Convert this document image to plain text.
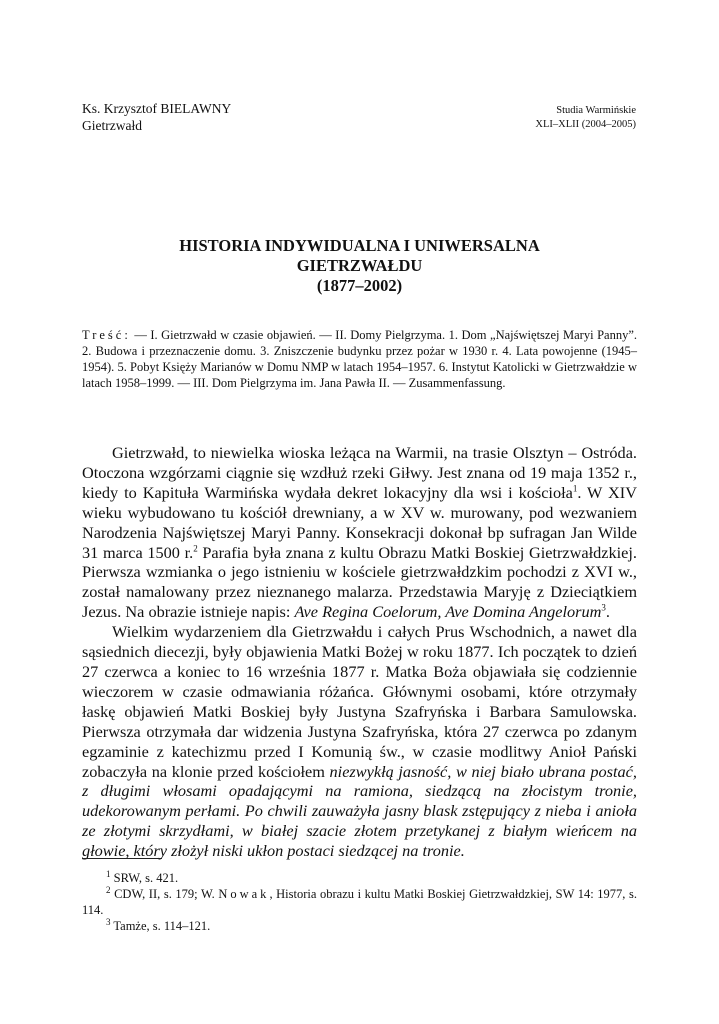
Ks. Krzysztof BIELAWNY
Gietrzwałd
Studia Warmińskie
XLI–XLII (2004–2005)
HISTORIA INDYWIDUALNA I UNIWERSALNA
GIETRZWAŁDU
(1877–2002)
Treść: — I. Gietrzwałd w czasie objawień. — II. Domy Pielgrzyma. 1. Dom „Najświętszej Maryi Panny”. 2. Budowa i przeznaczenie domu. 3. Zniszczenie budynku przez pożar w 1930 r. 4. Lata powojenne (1945–1954). 5. Pobyt Księży Marianów w Domu NMP w latach 1954–1957. 6. Instytut Katolicki w Gietrzwałdzie w latach 1958–1999. — III. Dom Pielgrzyma im. Jana Pawła II. — Zusammenfassung.

Gietrzwałd, to niewielka wioska leżąca na Warmii, na trasie Olsztyn – Ostróda. Otoczona wzgórzami ciągnie się wzdłuż rzeki Giłwy. Jest znana od 19 maja 1352 r., kiedy to Kapituła Warmińska wydała dekret lokacyjny dla wsi i kościoła$^1$. W XIV wieku wybudowano tu kościół drewniany, a w XV w. murowany, pod wezwaniem Narodzenia Najświętszej Maryi Panny. Konsekracji dokonał bp sufragan Jan Wilde 31 marca 1500 r.$^2$ Parafia była znana z kultu Obrazu Matki Boskiej Gietrzwałdzkiej. Pierwsza wzmianka o jego istnieniu w kościele gietrzwałdzkim pochodzi z XVI w., został namalowany przez nieznanego malarza. Przedstawia Maryję z Dzieciątkiem Jezus. Na obrazie istnieje napis: Ave Regina Coelorum, Ave Domina Angelorum$^3$.

Wielkim wydarzeniem dla Gietrzwałdu i całych Prus Wschodnich, a nawet dla sąsiednich diecezji, były objawienia Matki Bożej w roku 1877. Ich początek to dzień 27 czerwca a koniec to 16 września 1877 r. Matka Boża objawiała się codziennie wieczorem w czasie odmawiania różańca. Głównymi osobami, które otrzymały łaskę objawień Matki Boskiej były Justyna Szafryńska i Barbara Samulowska. Pierwsza otrzymała dar widzenia Justyna Szafryńska, która 27 czerwca po zdanym egzaminie z katechizmu przed I Komunią św., w czasie modlitwy Anioł Pański zobaczyła na klonie przed kościołem niezwykłą jasność, w niej biało ubrana postać, z długimi włosami opadającymi na ramiona, siedzącą na złocistym tronie, udekorowanym perłami. Po chwili zauważyła jasny blask zstępujący z nieba i anioła ze złotymi skrzydłami, w białej szacie złotem przetykanej z białym wieńcem na głowie, który złożył niski ukłon postaci siedzącej na tronie.

$^1$ SRW, s. 421.
$^2$ CDW, II, s. 179; W. Nowak, Historia obrazu i kultu Matki Boskiej Gietrzwałdzkiej, SW 14: 1977, s. 114.
$^3$ Tamże, s. 114–121.
